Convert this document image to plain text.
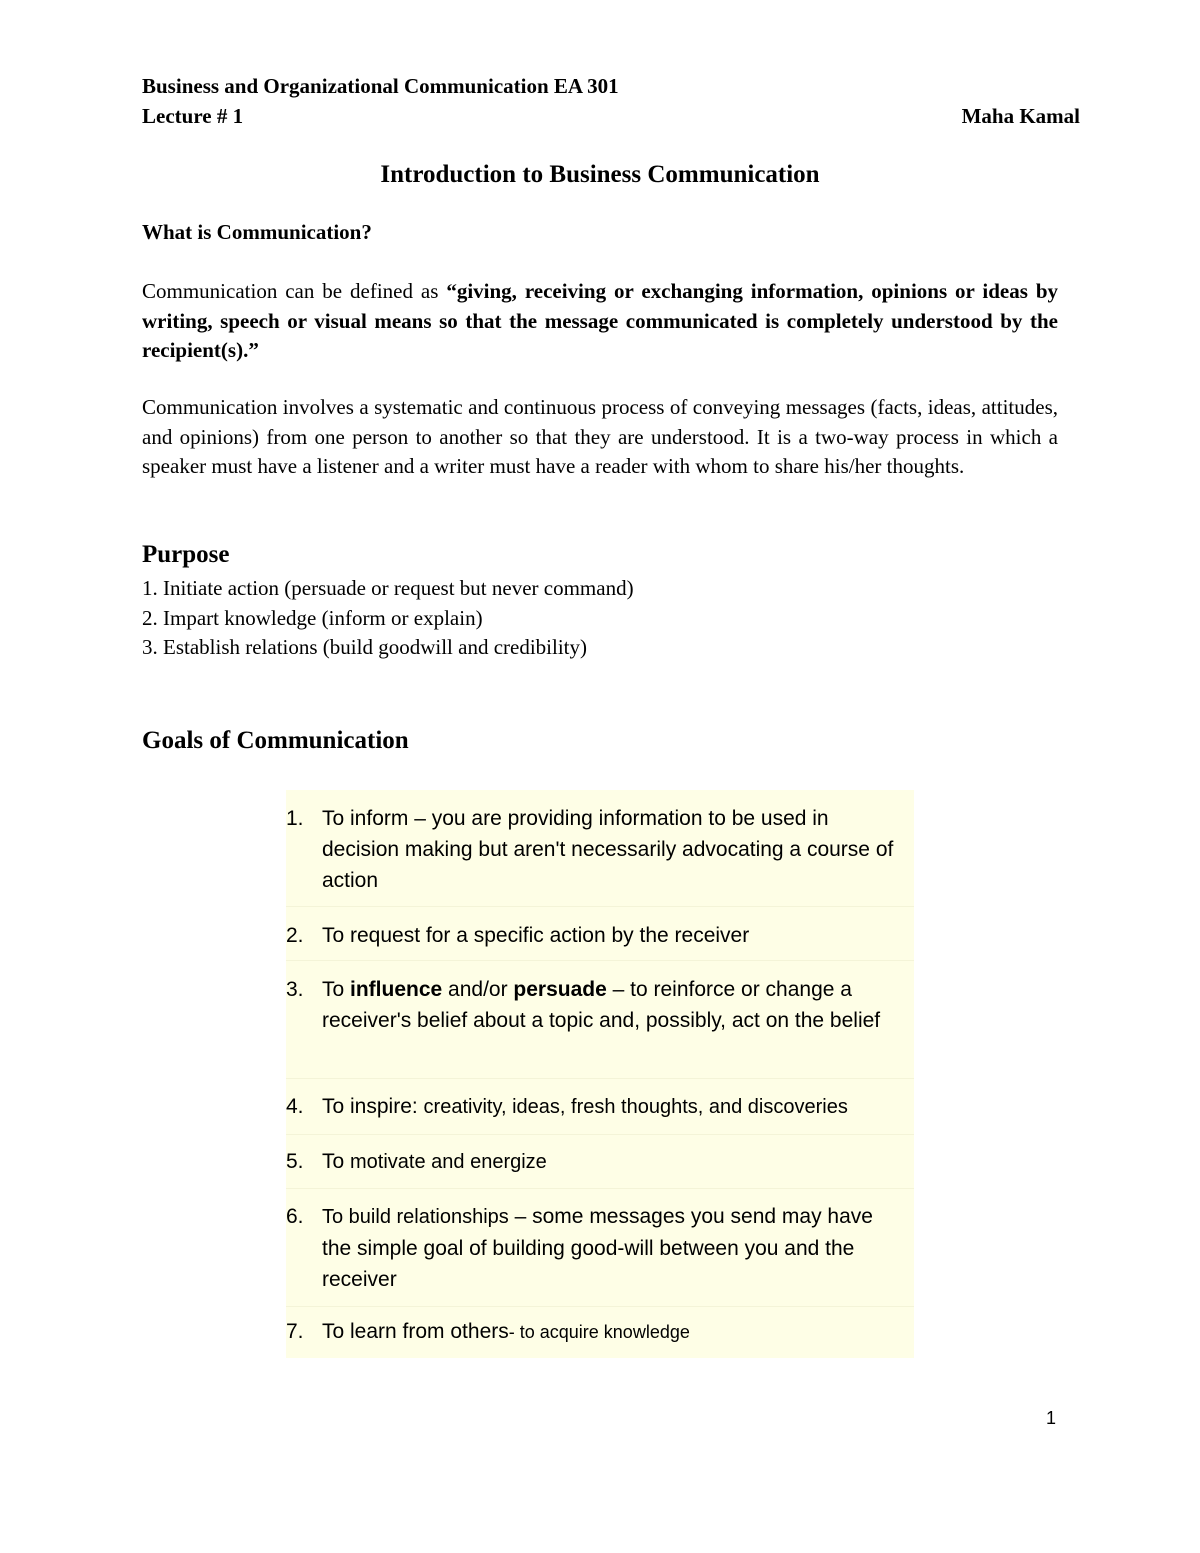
Business and Organizational Communication EA 301
Lecture # 1	Maha Kamal
Introduction to Business Communication
What is Communication?
Communication can be defined as “giving, receiving or exchanging information, opinions or ideas by writing, speech or visual means so that the message communicated is completely understood by the recipient(s).”
Communication involves a systematic and continuous process of conveying messages (facts, ideas, attitudes, and opinions) from one person to another so that they are understood. It is a two-way process in which a speaker must have a listener and a writer must have a reader with whom to share his/her thoughts.
Purpose
1. Initiate action (persuade or request but never command)
2. Impart knowledge (inform or explain)
3. Establish relations (build goodwill and credibility)
Goals of Communication
1. To inform – you are providing information to be used in decision making but aren't necessarily advocating a course of action
2. To request for a specific action by the receiver
3. To influence and/or persuade – to reinforce or change a receiver's belief about a topic and, possibly, act on the belief
4. To inspire: creativity, ideas, fresh thoughts, and discoveries
5. To motivate and energize
6. To build relationships – some messages you send may have the simple goal of building good-will between you and the receiver
7. To learn from others- to acquire knowledge
1
